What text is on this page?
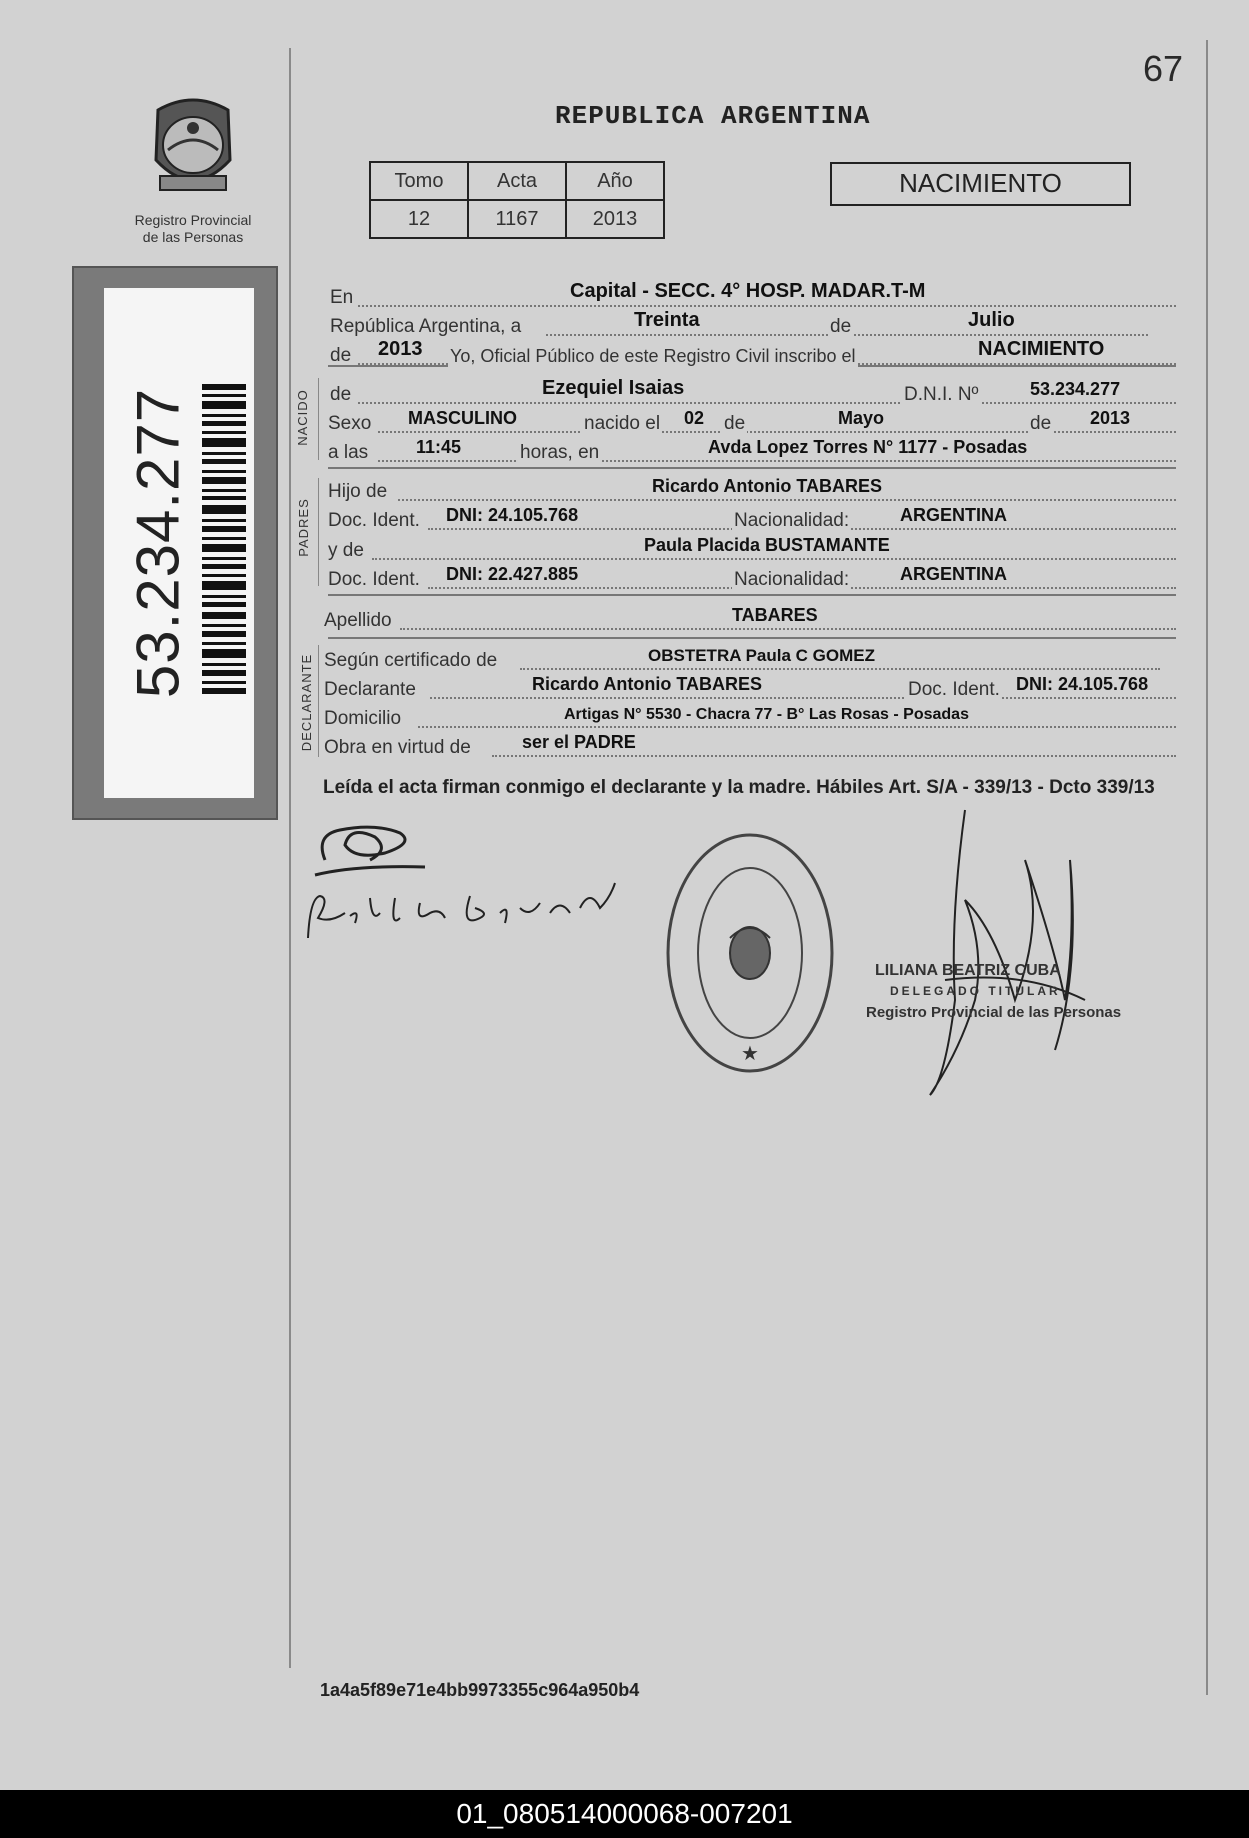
67
REPUBLICA ARGENTINA
Registro Provincial
de las Personas
53.234.277
Tomo	Acta	Año
12	1167	2013
NACIMIENTO
NACIDO
PADRES
DECLARANTE
En	Capital - SECC. 4° HOSP. MADAR.T-M
República Argentina, a	Treinta	de	Julio
de 2013 Yo, Oficial Público de este Registro Civil inscribo el	NACIMIENTO
de	Ezequiel Isaias	D.N.I. Nº	53.234.277
Sexo MASCULINO	nacido el 02 de	Mayo	de 2013
a las	11:45	horas, en	Avda Lopez Torres N° 1177 - Posadas
Hijo de	Ricardo Antonio TABARES
Doc. Ident. DNI: 24.105.768	Nacionalidad:	ARGENTINA
y de	Paula Placida BUSTAMANTE
Doc. Ident. DNI: 22.427.885	Nacionalidad:	ARGENTINA
Apellido	TABARES
Según certificado de	OBSTETRA Paula C GOMEZ
Declarante	Ricardo Antonio TABARES	Doc. Ident. DNI: 24.105.768
Domicilio	Artigas N° 5530 - Chacra 77 - B° Las Rosas - Posadas
Obra en virtud de	ser el PADRE
Leída el acta firman conmigo el declarante y la madre. Hábiles Art. S/A - 339/13 - Dcto 339/13
★
LILIANA BEATRIZ CUBA
DELEGADO TITULAR
Registro Provincial de las Personas
1a4a5f89e71e4bb9973355c964a950b4
01_080514000068-007201
